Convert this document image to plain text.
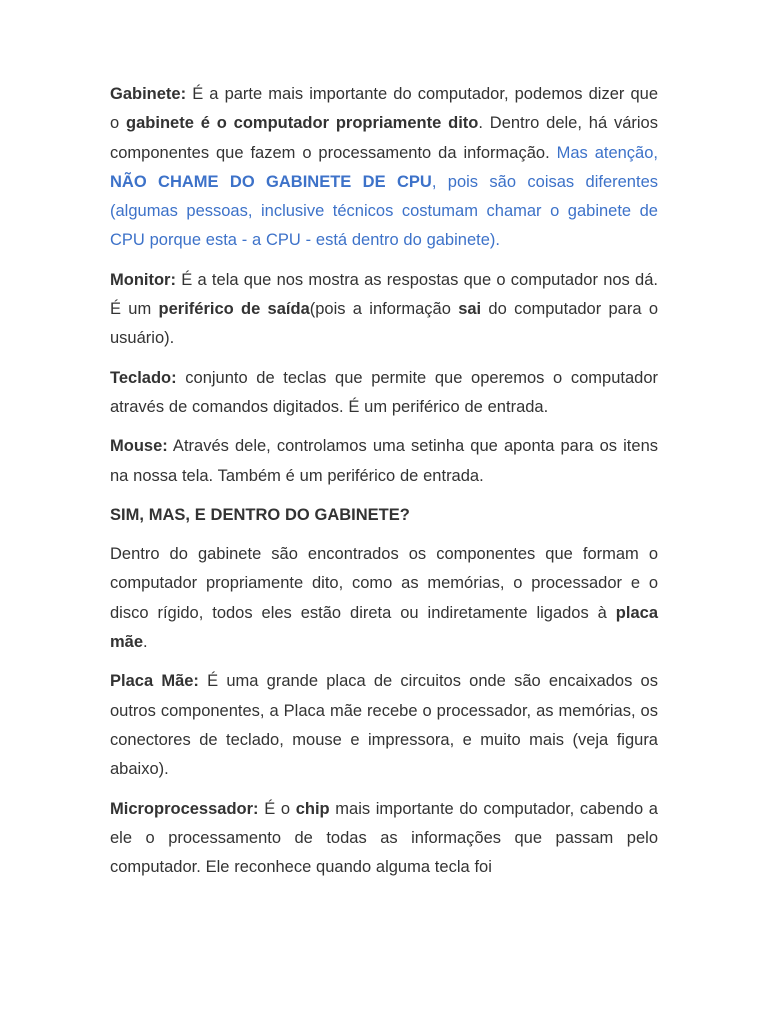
Gabinete: É a parte mais importante do computador, podemos dizer que o gabinete é o computador propriamente dito. Dentro dele, há vários componentes que fazem o processamento da informação. Mas atenção, NÃO CHAME DO GABINETE DE CPU, pois são coisas diferentes (algumas pessoas, inclusive técnicos costumam chamar o gabinete de CPU porque esta - a CPU - está dentro do gabinete).

Monitor: É a tela que nos mostra as respostas que o computador nos dá. É um periférico de saída(pois a informação sai do computador para o usuário).

Teclado: conjunto de teclas que permite que operemos o computador através de comandos digitados. É um periférico de entrada.

Mouse: Através dele, controlamos uma setinha que aponta para os itens na nossa tela. Também é um periférico de entrada.

SIM, MAS, E DENTRO DO GABINETE?

Dentro do gabinete são encontrados os componentes que formam o computador propriamente dito, como as memórias, o processador e o disco rígido, todos eles estão direta ou indiretamente ligados à placa mãe.

Placa Mãe: É uma grande placa de circuitos onde são encaixados os outros componentes, a Placa mãe recebe o processador, as memórias, os conectores de teclado, mouse e impressora, e muito mais (veja figura abaixo).

Microprocessador: É o chip mais importante do computador, cabendo a ele o processamento de todas as informações que passam pelo computador. Ele reconhece quando alguma tecla foi
